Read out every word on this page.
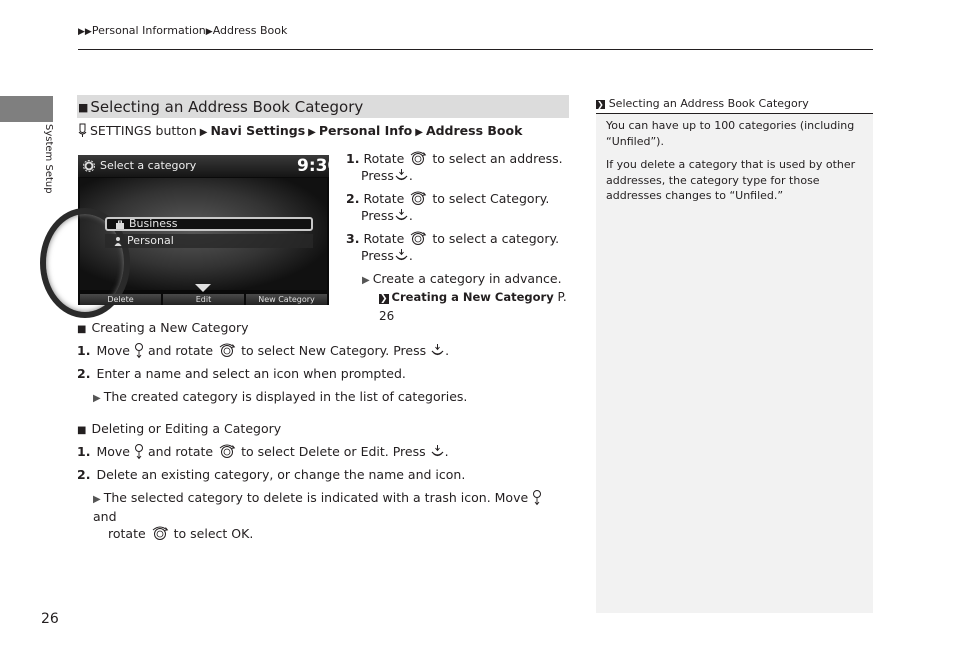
▶▶Personal Information▶Address Book
System Setup
26
■ Selecting an Address Book Category
SETTINGS button ▶ Navi Settings ▶ Personal Info ▶ Address Book
Select a category	9:30
Business
Personal
Delete	Edit	New Category
1. Rotate to select an address. Press .
2. Rotate to select Category. Press .
3. Rotate to select a category. Press .
▶ Create a category in advance.
❯ Creating a New Category P. 26
■ Creating a New Category
1. Move and rotate to select New Category. Press .
2. Enter a name and select an icon when prompted.
▶ The created category is displayed in the list of categories.
■ Deleting or Editing a Category
1. Move and rotate to select Delete or Edit. Press .
2. Delete an existing category, or change the name and icon.
▶ The selected category to delete is indicated with a trash icon. Move  and
rotate to select OK.
❯ Selecting an Address Book Category
You can have up to 100 categories (including “Unfiled”).
If you delete a category that is used by other addresses, the category type for those addresses changes to “Unfiled.”
